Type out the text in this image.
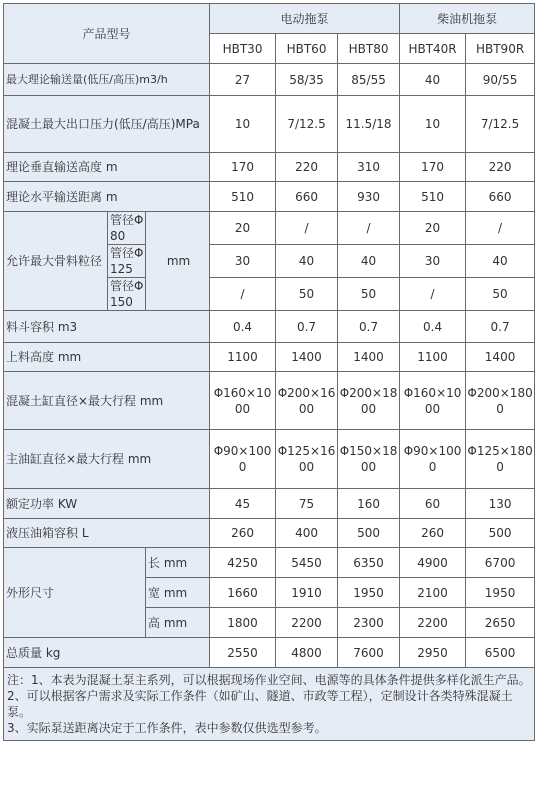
产品型号			电动拖泵			柴油机拖泵	
			HBT30	HBT60	HBT80	HBT40R	HBT90R
最大理论输送量(低压/高压)m3/h			27	58/35	85/55	40	90/55
混凝土最大出口压力(低压/高压)MPa			10	7/12.5	11.5/18	10	7/12.5
理论垂直输送高度 m			170	220	310	170	220
理论水平输送距离 m			510	660	930	510	660
允许最大骨料粒径	管径Φ80	mm	20	/	/	20	/
	管径Φ125		30	40	40	30	40
	管径Φ150		/	50	50	/	50
料斗容积 m3			0.4	0.7	0.7	0.4	0.7
上料高度 mm			1100	1400	1400	1100	1400
混凝土缸直径×最大行程 mm			Φ160×1000	Φ200×1600	Φ200×1800	Φ160×1000	Φ200×1800
主油缸直径×最大行程 mm			Φ90×1000	Φ125×1600	Φ150×1800	Φ90×1000	Φ125×1800
额定功率 KW			45	75	160	60	130
液压油箱容积 L			260	400	500	260	500
外形尺寸		长 mm	4250	5450	6350	4900	6700
		宽 mm	1660	1910	1950	2100	1950
		高 mm	1800	2200	2300	2200	2650
总质量 kg			2550	4800	7600	2950	6500

注：1、本表为混凝土泵主系列，可以根据现场作业空间、电源等的具体条件提供多样化派生产品。
2、可以根据客户需求及实际工作条件（如矿山、隧道、市政等工程），定制设计各类特殊混凝土泵。
3、实际泵送距离决定于工作条件，表中参数仅供选型参考。							
